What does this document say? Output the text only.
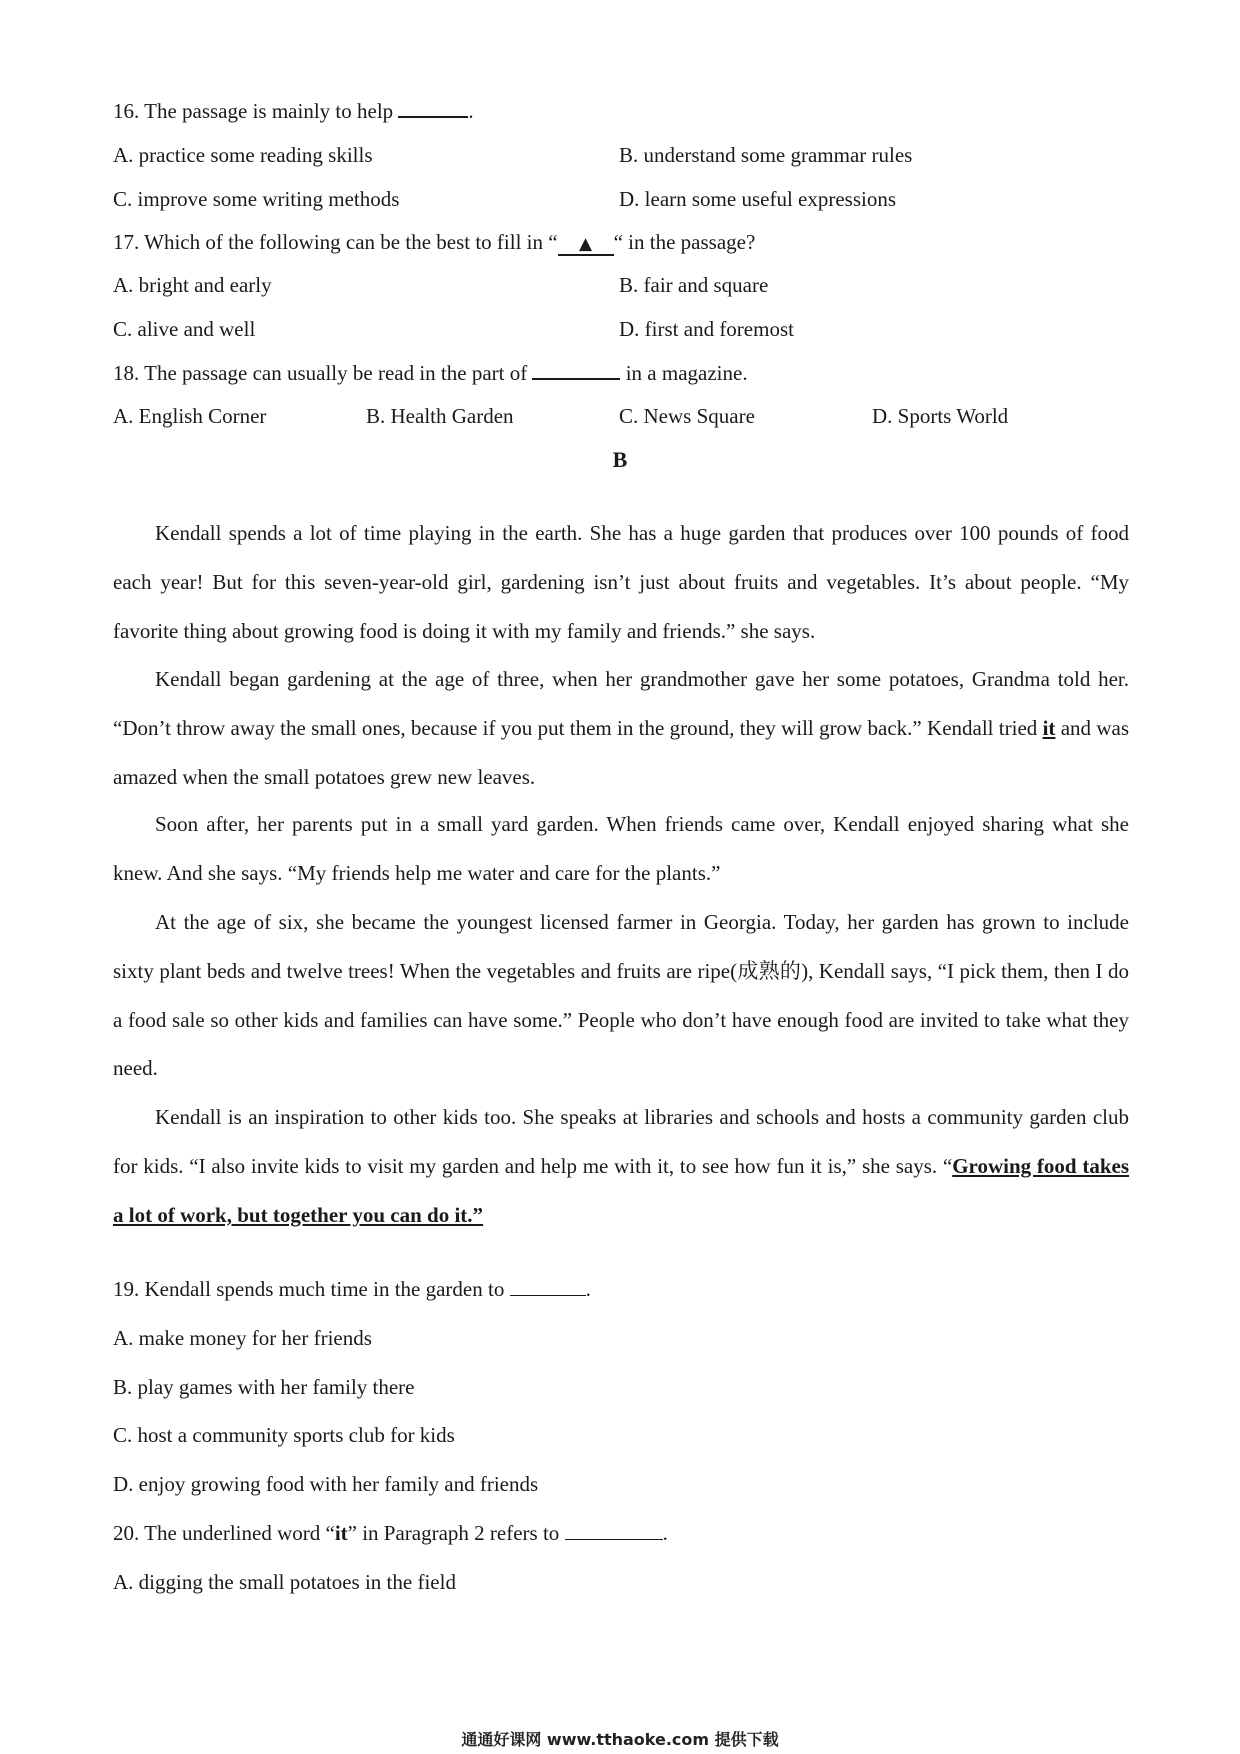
16. The passage is mainly to help	.
A. practice some reading skills	B. understand some grammar rules
C. improve some writing methods	D. learn some useful expressions
17. Which of the following can be the best to fill in “ ▲ “ in the passage?
A. bright and early	B. fair and square
C. alive and well	D. first and foremost
18. The passage can usually be read in the part of	in a magazine.
A. English Corner	B. Health Garden	C. News Square	D. Sports World
B
Kendall spends a lot of time playing in the earth. She has a huge garden that produces over 100 pounds of food each year! But for this seven-year-old girl, gardening isn’t just about fruits and vegetables. It’s about people. “My favorite thing about growing food is doing it with my family and friends.” she says.
Kendall began gardening at the age of three, when her grandmother gave her some potatoes, Grandma told her. “Don’t throw away the small ones, because if you put them in the ground, they will grow back.” Kendall tried it and was amazed when the small potatoes grew new leaves.
Soon after, her parents put in a small yard garden. When friends came over, Kendall enjoyed sharing what she knew. And she says. “My friends help me water and care for the plants.”
At the age of six, she became the youngest licensed farmer in Georgia. Today, her garden has grown to include sixty plant beds and twelve trees! When the vegetables and fruits are ripe(成熟的), Kendall says, “I pick them, then I do a food sale so other kids and families can have some.” People who don’t have enough food are invited to take what they need.
Kendall is an inspiration to other kids too. She speaks at libraries and schools and hosts a community garden club for kids. “I also invite kids to visit my garden and help me with it, to see how fun it is,” she says. “Growing food takes a lot of work, but together you can do it.”
19. Kendall spends much time in the garden to	.
A. make money for her friends
B. play games with her family there
C. host a community sports club for kids
D. enjoy growing food with her family and friends
20. The underlined word “it” in Paragraph 2 refers to	.
A. digging the small potatoes in the field
通通好课网 www.tthaoke.com 提供下载
